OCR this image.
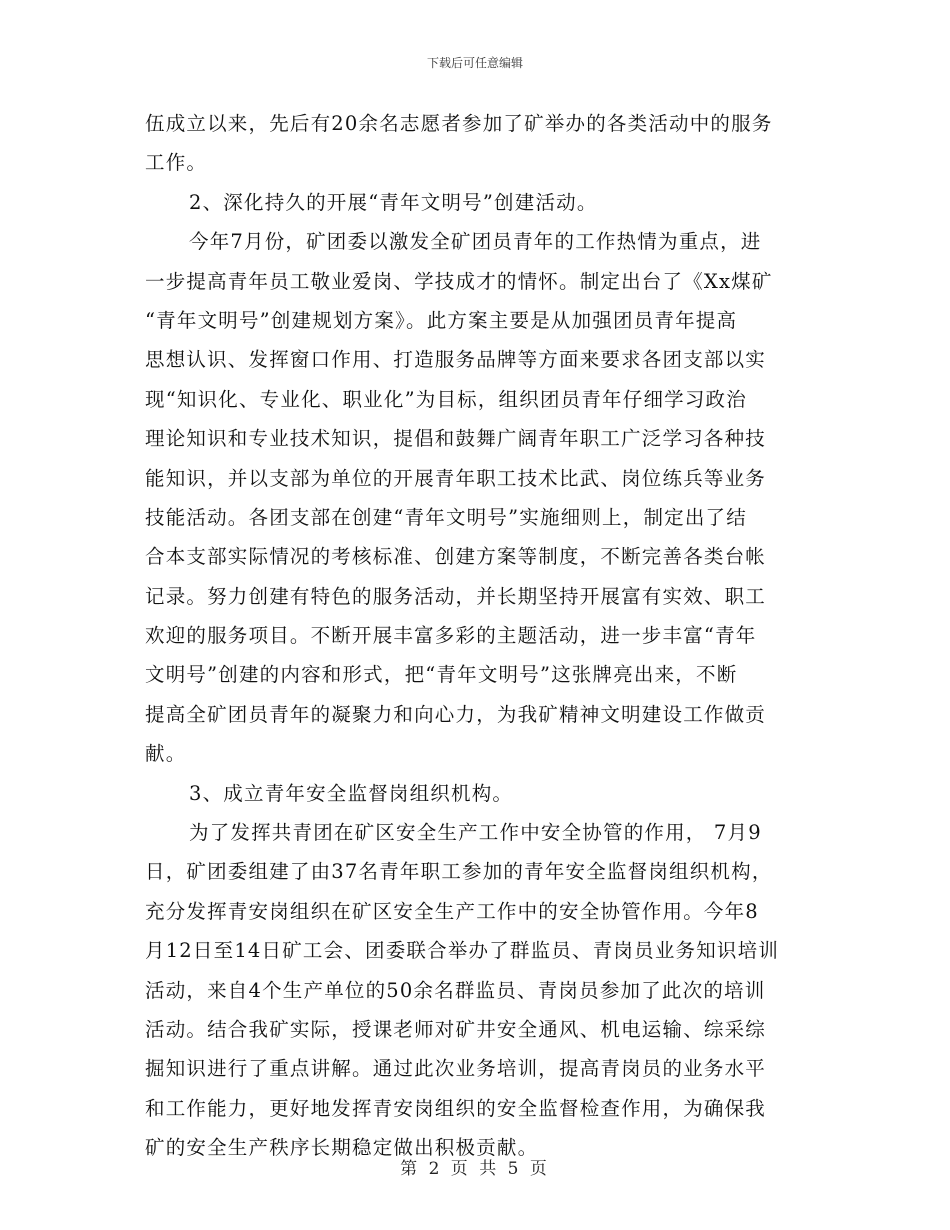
下载后可任意编辑
伍成立以来，先后有20余名志愿者参加了矿举办的各类活动中的服务
工作。
2、深化持久的开展“青年文明号”创建活动。
今年7月份，矿团委以激发全矿团员青年的工作热情为重点，进
一步提高青年员工敬业爱岗、学技成才的情怀。制定出台了《Xx煤矿
“青年文明号”创建规划方案》。此方案主要是从加强团员青年提高
思想认识、发挥窗口作用、打造服务品牌等方面来要求各团支部以实
现“知识化、专业化、职业化”为目标，组织团员青年仔细学习政治
理论知识和专业技术知识，提倡和鼓舞广阔青年职工广泛学习各种技
能知识，并以支部为单位的开展青年职工技术比武、岗位练兵等业务
技能活动。各团支部在创建“青年文明号”实施细则上，制定出了结
合本支部实际情况的考核标准、创建方案等制度，不断完善各类台帐
记录。努力创建有特色的服务活动，并长期坚持开展富有实效、职工
欢迎的服务项目。不断开展丰富多彩的主题活动，进一步丰富“青年
文明号”创建的内容和形式，把“青年文明号”这张牌亮出来，不断
提高全矿团员青年的凝聚力和向心力，为我矿精神文明建设工作做贡
献。
3、成立青年安全监督岗组织机构。
为了发挥共青团在矿区安全生产工作中安全协管的作用， 7月9
日，矿团委组建了由37名青年职工参加的青年安全监督岗组织机构，
充分发挥青安岗组织在矿区安全生产工作中的安全协管作用。今年8
月12日至14日矿工会、团委联合举办了群监员、青岗员业务知识培训
活动，来自4个生产单位的50余名群监员、青岗员参加了此次的培训
活动。结合我矿实际，授课老师对矿井安全通风、机电运输、综采综
掘知识进行了重点讲解。通过此次业务培训，提高青岗员的业务水平
和工作能力，更好地发挥青安岗组织的安全监督检查作用，为确保我
矿的安全生产秩序长期稳定做出积极贡献。
第 2 页 共 5 页
